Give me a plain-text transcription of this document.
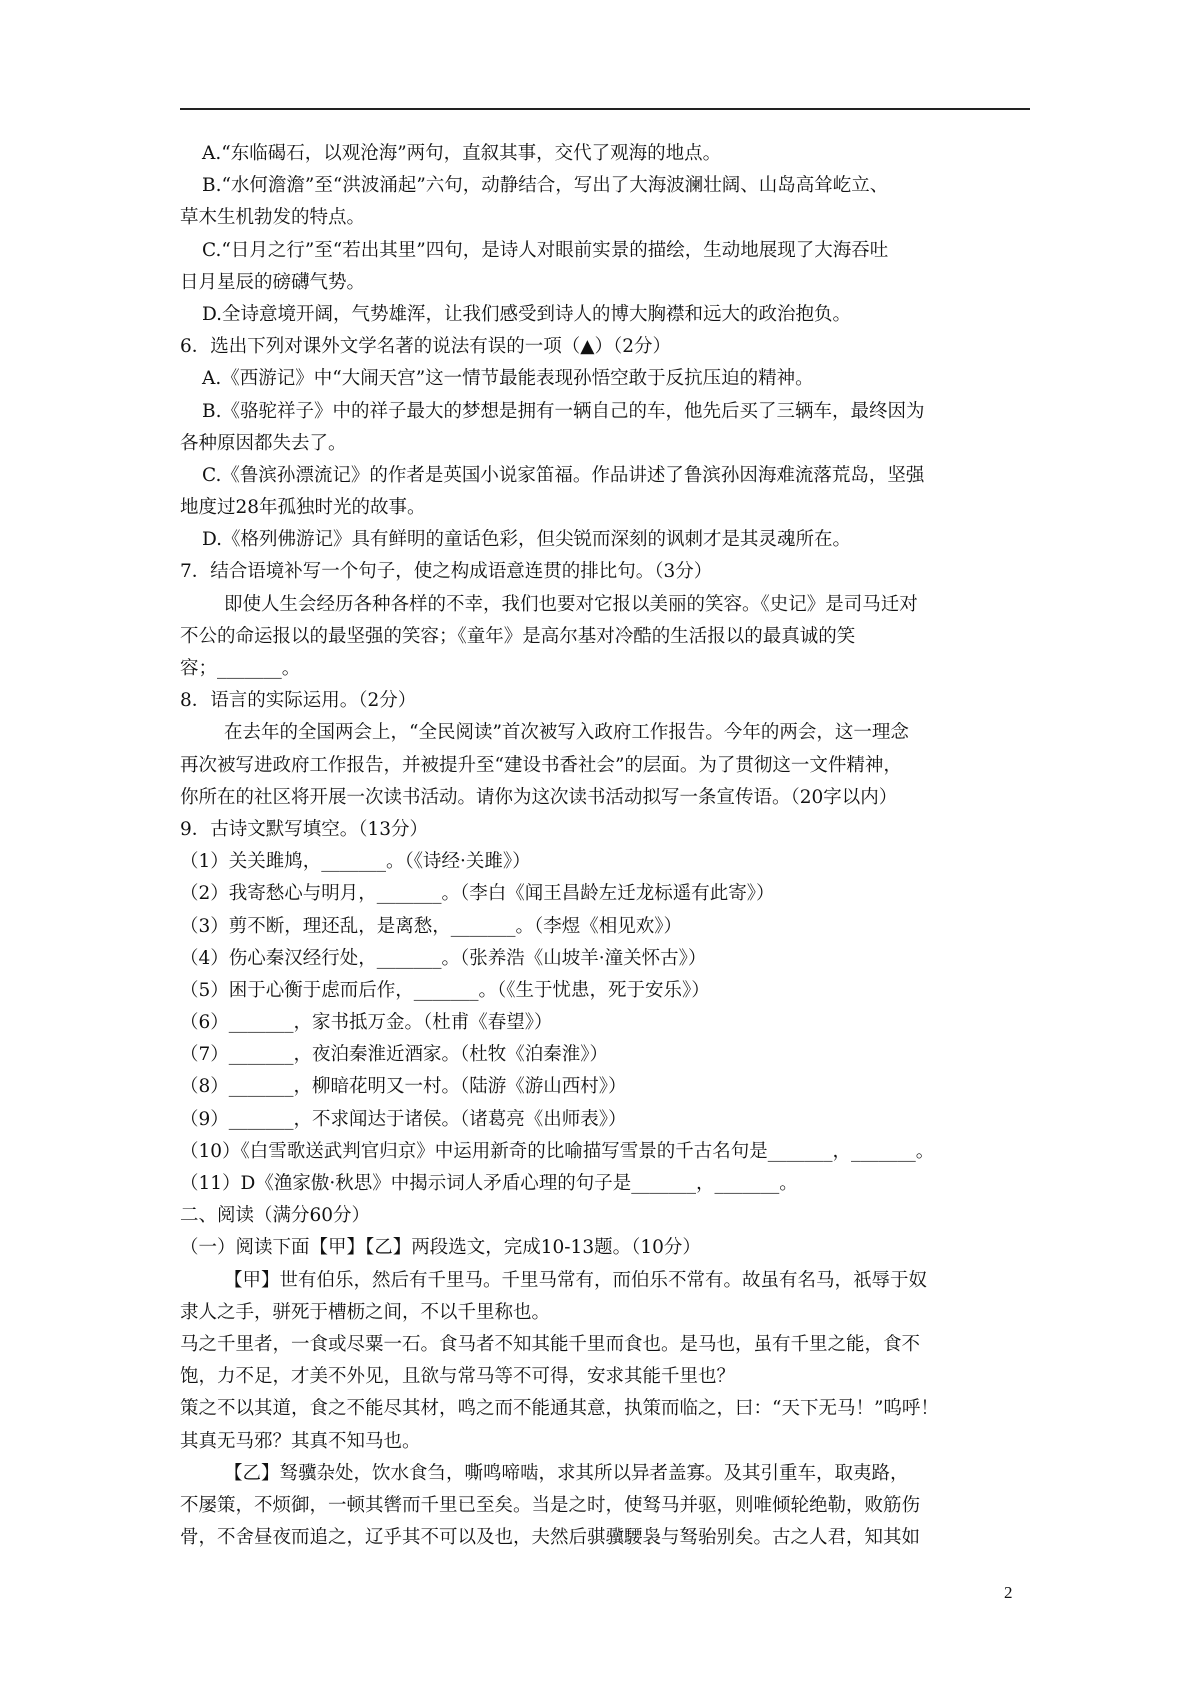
A.“东临碣石，以观沧海”两句，直叙其事，交代了观海的地点。
B.“水何澹澹”至“洪波涌起”六句，动静结合，写出了大海波澜壮阔、山岛高耸屹立、
草木生机勃发的特点。
C.“日月之行”至“若出其里”四句，是诗人对眼前实景的描绘，生动地展现了大海吞吐
日月星辰的磅礴气势。
D.全诗意境开阔，气势雄浑，让我们感受到诗人的博大胸襟和远大的政治抱负。
6．选出下列对课外文学名著的说法有误的一项（▲）（2分）
A.《西游记》中“大闹天宫”这一情节最能表现孙悟空敢于反抗压迫的精神。
B.《骆驼祥子》中的祥子最大的梦想是拥有一辆自己的车，他先后买了三辆车，最终因为
各种原因都失去了。
C.《鲁滨孙漂流记》的作者是英国小说家笛福。作品讲述了鲁滨孙因海难流落荒岛，坚强
地度过28年孤独时光的故事。
D.《格列佛游记》具有鲜明的童话色彩，但尖锐而深刻的讽刺才是其灵魂所在。
7．结合语境补写一个句子，使之构成语意连贯的排比句。（3分）
即使人生会经历各种各样的不幸，我们也要对它报以美丽的笑容。《史记》是司马迁对
不公的命运报以的最坚强的笑容；《童年》是高尔基对冷酷的生活报以的最真诚的笑
容；_______。
8．语言的实际运用。（2分）
在去年的全国两会上，“全民阅读”首次被写入政府工作报告。今年的两会，这一理念
再次被写进政府工作报告，并被提升至“建设书香社会”的层面。为了贯彻这一文件精神，
你所在的社区将开展一次读书活动。请你为这次读书活动拟写一条宣传语。（20字以内）
9．古诗文默写填空。（13分）
（1）关关雎鸠，_______。（《诗经·关雎》）
（2）我寄愁心与明月，_______。（李白《闻王昌龄左迁龙标遥有此寄》）
（3）剪不断，理还乱，是离愁，_______。（李煜《相见欢》）
（4）伤心秦汉经行处，_______。（张养浩《山坡羊·潼关怀古》）
（5）困于心衡于虑而后作，_______。（《生于忧患，死于安乐》）
（6）_______，家书抵万金。（杜甫《春望》）
（7）_______，夜泊秦淮近酒家。（杜牧《泊秦淮》）
（8）_______，柳暗花明又一村。（陆游《游山西村》）
（9）_______，不求闻达于诸侯。（诸葛亮《出师表》）
（10）《白雪歌送武判官归京》中运用新奇的比喻描写雪景的千古名句是_______，_______。
（11）D《渔家傲·秋思》中揭示词人矛盾心理的句子是_______，_______。
二、阅读（满分60分）
（一）阅读下面【甲】【乙】两段选文，完成10-13题。（10分）
【甲】世有伯乐，然后有千里马。千里马常有，而伯乐不常有。故虽有名马，祇辱于奴
隶人之手，骈死于槽枥之间，不以千里称也。
马之千里者，一食或尽粟一石。食马者不知其能千里而食也。是马也，虽有千里之能，食不
饱，力不足，才美不外见，且欲与常马等不可得，安求其能千里也？
策之不以其道，食之不能尽其材，鸣之而不能通其意，执策而临之，曰：“天下无马！”呜呼！
其真无马邪？其真不知马也。
【乙】驽骥杂处，饮水食刍，嘶鸣啼啮，求其所以异者盖寡。及其引重车，取夷路，
不屡策，不烦御，一顿其辔而千里已至矣。当是之时，使驽马并驱，则唯倾轮绝勒，败筋伤
骨，不舍昼夜而追之，辽乎其不可以及也，夫然后骐骥騕袅与驽骀别矣。古之人君，知其如
2
